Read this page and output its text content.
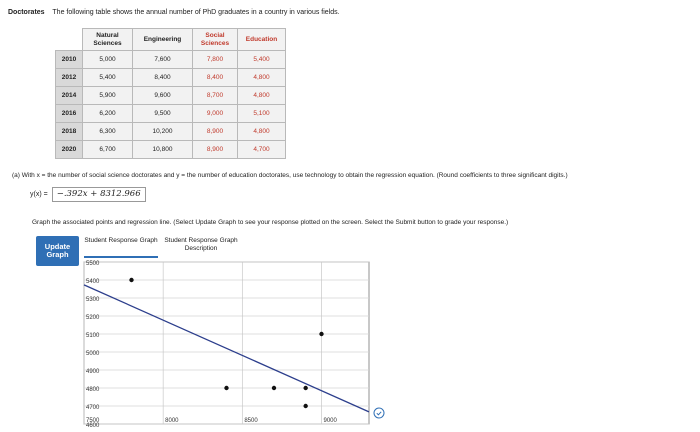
Doctorates The following table shows the annual number of PhD graduates in a country in various fields.
	Natural Sciences	Engineering	Social Sciences	Education
2010	5,000	7,600	7,800	5,400
2012	5,400	8,400	8,400	4,800
2014	5,900	9,600	8,700	4,800
2016	6,200	9,500	9,000	5,100
2018	6,300	10,200	8,900	4,800
2020	6,700	10,800	8,900	4,700
(a) With x = the number of social science doctorates and y = the number of education doctorates, use technology to obtain the regression equation. (Round coefficients to three significant digits.)
y(x) =	−.392x + 8312.966
Graph the associated points and regression line. (Select Update Graph to see your response plotted on the screen. Select the Submit button to grade your response.)
Update Graph
Student Response Graph	Student Response Graph Description
5500
5400
5300
5200
5100
5000
4900
4800
4700
4600
7500	8000	8500	9000
